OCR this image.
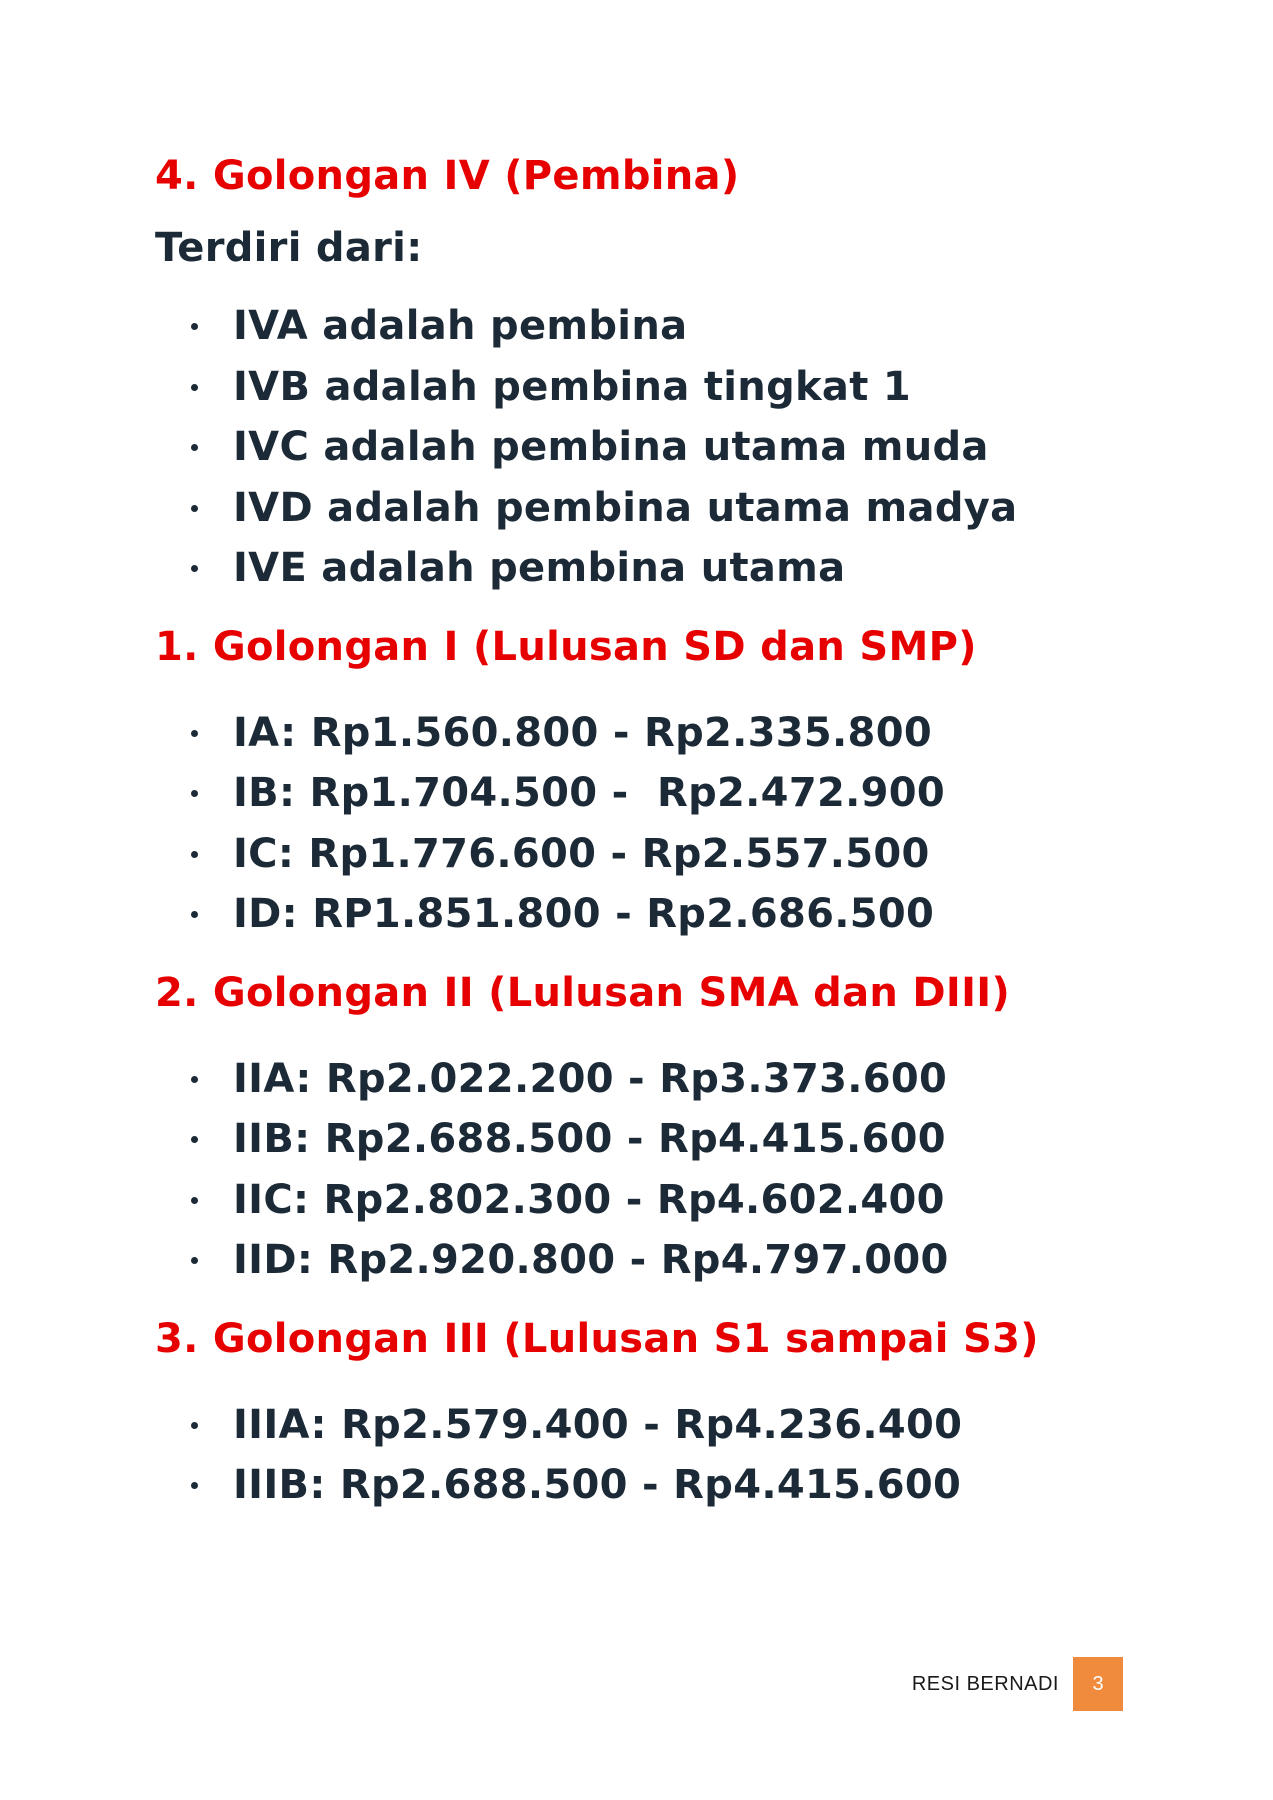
4. Golongan IV (Pembina)
Terdiri dari:
IVA adalah pembina
IVB adalah pembina tingkat 1
IVC adalah pembina utama muda
IVD adalah pembina utama madya
IVE adalah pembina utama
1. Golongan I (Lulusan SD dan SMP)
IA: Rp1.560.800 - Rp2.335.800
IB: Rp1.704.500 -  Rp2.472.900
IC: Rp1.776.600 - Rp2.557.500
ID: RP1.851.800 - Rp2.686.500
2. Golongan II (Lulusan SMA dan DIII)
IIA: Rp2.022.200 - Rp3.373.600
IIB: Rp2.688.500 - Rp4.415.600
IIC: Rp2.802.300 - Rp4.602.400
IID: Rp2.920.800 - Rp4.797.000
3. Golongan III (Lulusan S1 sampai S3)
IIIA: Rp2.579.400 - Rp4.236.400
IIIB: Rp2.688.500 - Rp4.415.600
RESI BERNADI	3
